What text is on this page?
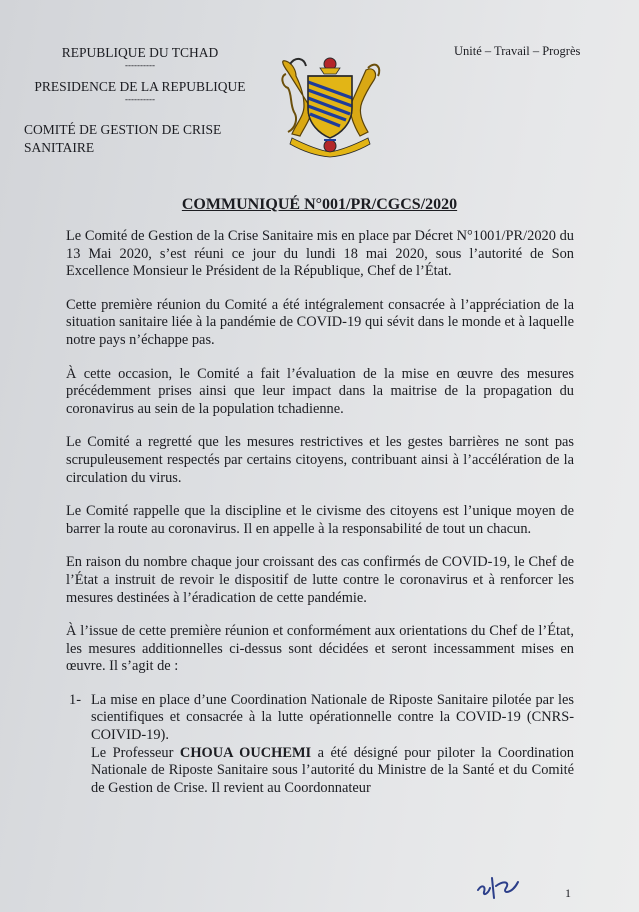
REPUBLIQUE DU TCHAD
----------
PRESIDENCE DE LA REPUBLIQUE
----------
COMITÉ DE GESTION DE CRISE
SANITAIRE
Unité – Travail – Progrès
COMMUNIQUÉ N°001/PR/CGCS/2020

Le Comité de Gestion de la Crise Sanitaire mis en place par Décret N°1001/PR/2020 du 13 Mai 2020, s’est réuni ce jour du lundi 18 mai 2020, sous l’autorité de Son Excellence Monsieur le Président de la République, Chef de l’État.

Cette première réunion du Comité a été intégralement consacrée à l’appréciation de la situation sanitaire liée à la pandémie de COVID-19 qui sévit dans le monde et à laquelle notre pays n’échappe pas.

À cette occasion, le Comité a fait l’évaluation de la mise en œuvre des mesures précédemment prises ainsi que leur impact dans la maitrise de la propagation du coronavirus au sein de la population tchadienne.

Le Comité a regretté que les mesures restrictives et les gestes barrières ne sont pas scrupuleusement respectés par certains citoyens, contribuant ainsi à l’accélération de la circulation du virus.

Le Comité rappelle que la discipline et le civisme des citoyens est l’unique moyen de barrer la route au coronavirus. Il en appelle à la responsabilité de tout un chacun.

En raison du nombre chaque jour croissant des cas confirmés de COVID-19, le Chef de l’État a instruit de revoir le dispositif de lutte contre le coronavirus et à renforcer les mesures destinées à l’éradication de cette pandémie.

À l’issue de cette première réunion et conformément aux orientations du Chef de l’État, les mesures additionnelles ci-dessus sont décidées et seront incessamment mises en œuvre. Il s’agit de :

1- La mise en place d’une Coordination Nationale de Riposte Sanitaire pilotée par les scientifiques et consacrée à la lutte opérationnelle contre la COVID-19 (CNRS-COIVID-19).

Le Professeur CHOUA OUCHEMI a été désigné pour piloter la Coordination Nationale de Riposte Sanitaire sous l’autorité du Ministre de la Santé et du Comité de Gestion de Crise. Il revient au Coordonnateur

1
